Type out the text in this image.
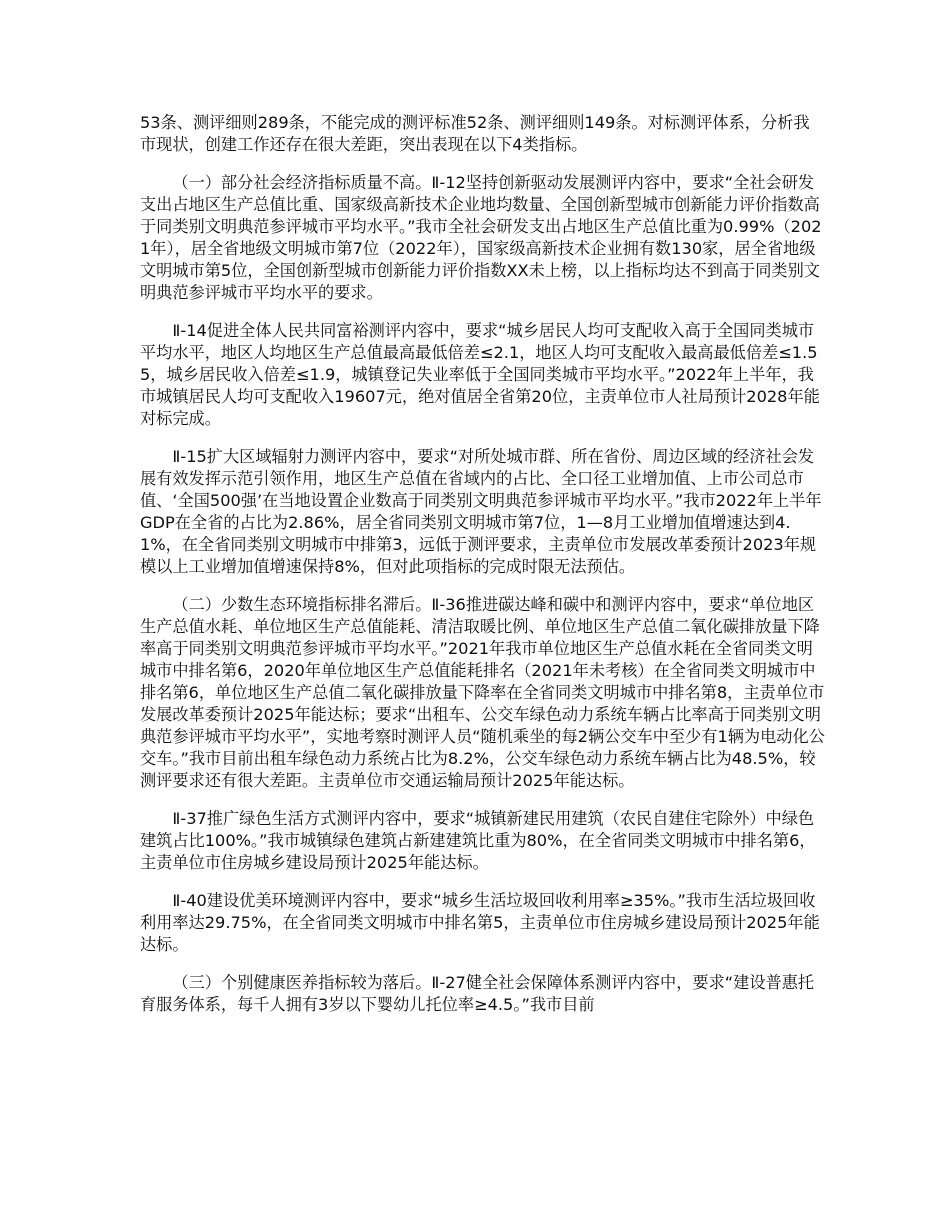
53条、测评细则289条，不能完成的测评标准52条、测评细则149条。对标测评体系，分析我市现状，创建工作还存在很大差距，突出表现在以下4类指标。

（一）部分社会经济指标质量不高。Ⅱ-12坚持创新驱动发展测评内容中，要求“全社会研发支出占地区生产总值比重、国家级高新技术企业地均数量、全国创新型城市创新能力评价指数高于同类别文明典范参评城市平均水平。”我市全社会研发支出占地区生产总值比重为0.99%（2021年），居全省地级文明城市第7位（2022年），国家级高新技术企业拥有数130家，居全省地级文明城市第5位，全国创新型城市创新能力评价指数XX未上榜，以上指标均达不到高于同类别文明典范参评城市平均水平的要求。

Ⅱ-14促进全体人民共同富裕测评内容中，要求“城乡居民人均可支配收入高于全国同类城市平均水平，地区人均地区生产总值最高最低倍差≤2.1，地区人均可支配收入最高最低倍差≤1.55，城乡居民收入倍差≤1.9，城镇登记失业率低于全国同类城市平均水平。”2022年上半年，我市城镇居民人均可支配收入19607元，绝对值居全省第20位，主责单位市人社局预计2028年能对标完成。

Ⅱ-15扩大区域辐射力测评内容中，要求“对所处城市群、所在省份、周边区域的经济社会发展有效发挥示范引领作用，地区生产总值在省域内的占比、全口径工业增加值、上市公司总市值、‘全国500强’在当地设置企业数高于同类别文明典范参评城市平均水平。”我市2022年上半年GDP在全省的占比为2.86%，居全省同类别文明城市第7位，1—8月工业增加值增速达到4.1%，在全省同类别文明城市中排第3，远低于测评要求，主责单位市发展改革委预计2023年规模以上工业增加值增速保持8%，但对此项指标的完成时限无法预估。

（二）少数生态环境指标排名滞后。Ⅱ-36推进碳达峰和碳中和测评内容中，要求“单位地区生产总值水耗、单位地区生产总值能耗、清洁取暖比例、单位地区生产总值二氧化碳排放量下降率高于同类别文明典范参评城市平均水平。”2021年我市单位地区生产总值水耗在全省同类文明城市中排名第6，2020年单位地区生产总值能耗排名（2021年未考核）在全省同类文明城市中排名第6，单位地区生产总值二氧化碳排放量下降率在全省同类文明城市中排名第8，主责单位市发展改革委预计2025年能达标；要求“出租车、公交车绿色动力系统车辆占比率高于同类别文明典范参评城市平均水平”，实地考察时测评人员“随机乘坐的每2辆公交车中至少有1辆为电动化公交车。”我市目前出租车绿色动力系统占比为8.2%，公交车绿色动力系统车辆占比为48.5%，较测评要求还有很大差距。主责单位市交通运输局预计2025年能达标。

Ⅱ-37推广绿色生活方式测评内容中，要求“城镇新建民用建筑（农民自建住宅除外）中绿色建筑占比100%。”我市城镇绿色建筑占新建建筑比重为80%，在全省同类文明城市中排名第6，主责单位市住房城乡建设局预计2025年能达标。

Ⅱ-40建设优美环境测评内容中，要求“城乡生活垃圾回收利用率≥35%。”我市生活垃圾回收利用率达29.75%，在全省同类文明城市中排名第5，主责单位市住房城乡建设局预计2025年能达标。

（三）个别健康医养指标较为落后。Ⅱ-27健全社会保障体系测评内容中，要求“建设普惠托育服务体系，每千人拥有3岁以下婴幼儿托位率≥4.5。”我市目前
